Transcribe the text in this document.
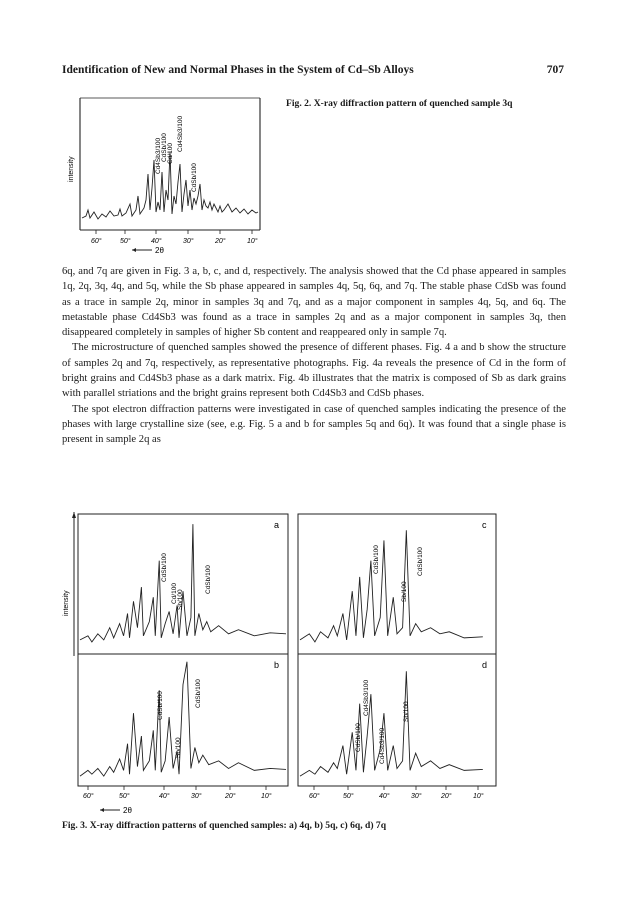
Identification of New and Normal Phases in the System of Cd–Sb Alloys	707
intensity	Cd4Sb3/100 CdSb/100 Cd/100
Cd4Sb3/100
CdSb/100
60°	50°	40°	30°	20°	10°
2θ
Fig. 2. X-ray diffraction pattern of quenched sample 3q

6q, and 7q are given in Fig. 3 a, b, c, and d, respectively. The analysis showed that the Cd phase appeared in samples 1q, 2q, 3q, 4q, and 5q, while the Sb phase appeared in samples 4q, 5q, 6q, and 7q. The stable phase CdSb was found as a trace in sample 2q, minor in samples 3q and 7q, and as a major component in samples 4q, 5q, and 6q. The metastable phase Cd4Sb3 was found as a trace in samples 2q and as a major component in samples 3q, then disappeared completely in samples of higher Sb content and reappeared only in sample 7q.

The microstructure of quenched samples showed the presence of different phases. Fig. 4 a and b show the structure of samples 2q and 7q, respectively, as representative photographs. Fig. 4a reveals the presence of Cd in the form of bright grains and Cd4Sb3 phase as a dark matrix. Fig. 4b illustrates that the matrix is composed of Sb as dark grains with parallel striations and the bright grains represent both Cd4Sb3 and CdSb phases.

The spot electron diffraction patterns were investigated in case of quenched samples indicating the presence of the phases with large crystalline size (see, e.g. Fig. 5 a and b for samples 5q and 6q). It was found that a single phase is present in sample 2q as

intensity
a
CdSb/100
Cd/100 Sb/100
CdSb/100
b
CdSb/100
Sb/100
CdSb/100
c
CdSb/100
Sb/100
CdSb/100
d
CdSb/100
Cd4Sb3/100
Cd4Sb3/100
Sb/100
60°	50°	40°	30°	20°	10°	60°	50°	40°	30°	20°	10°
2θ
Fig. 3. X-ray diffraction patterns of quenched samples: a) 4q, b) 5q, c) 6q, d) 7q
